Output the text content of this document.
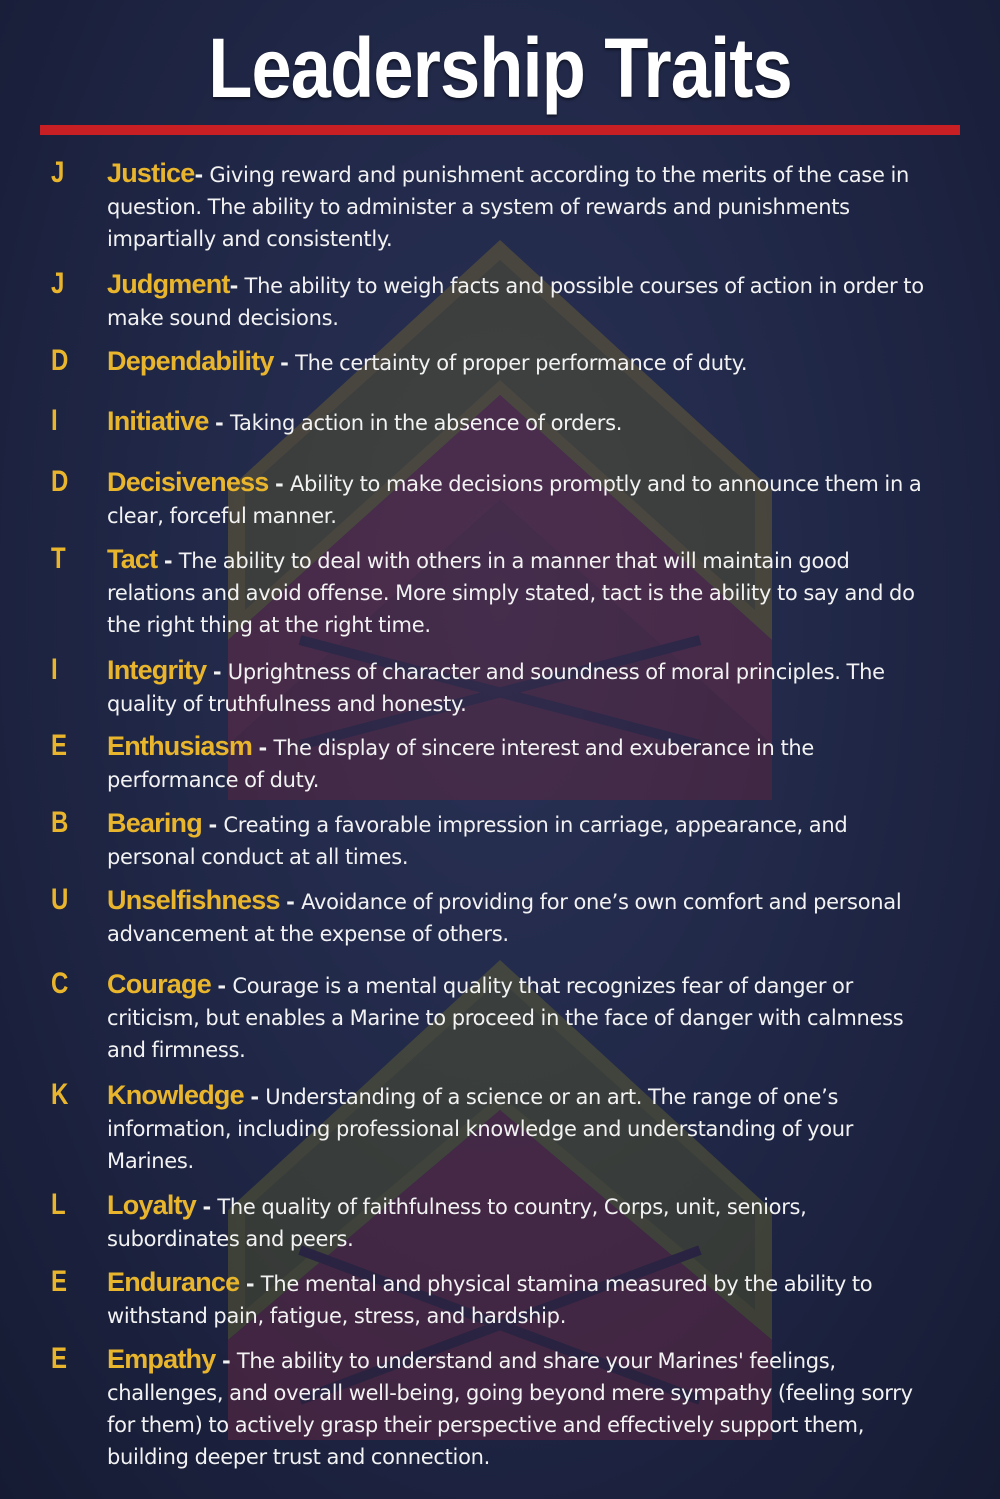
Leadership Traits
J Justice- Giving reward and punishment according to the merits of the case in question. The ability to administer a system of rewards and punishments impartially and consistently.
J Judgment- The ability to weigh facts and possible courses of action in order to make sound decisions.
D Dependability - The certainty of proper performance of duty.
I	Initiative - Taking action in the absence of orders.
D Decisiveness - Ability to make decisions promptly and to announce them in a clear, forceful manner.
T Tact - The ability to deal with others in a manner that will maintain good relations and avoid offense. More simply stated, tact is the ability to say and do the right thing at the right time.
I	Integrity - Uprightness of character and soundness of moral principles. The quality of truthfulness and honesty.
E Enthusiasm - The display of sincere interest and exuberance in the performance of duty.
B Bearing - Creating a favorable impression in carriage, appearance, and personal conduct at all times.
U Unselfishness - Avoidance of providing for one’s own comfort and personal advancement at the expense of others.
C Courage - Courage is a mental quality that recognizes fear of danger or criticism, but enables a Marine to proceed in the face of danger with calmness and firmness.
K Knowledge - Understanding of a science or an art. The range of one’s information, including professional knowledge and understanding of your Marines.
L Loyalty - The quality of faithfulness to country, Corps, unit, seniors, subordinates and peers.
E Endurance - The mental and physical stamina measured by the ability to withstand pain, fatigue, stress, and hardship.
E Empathy - The ability to understand and share your Marines' feelings, challenges, and overall well-being, going beyond mere sympathy (feeling sorry for them) to actively grasp their perspective and effectively support them, building deeper trust and connection.
